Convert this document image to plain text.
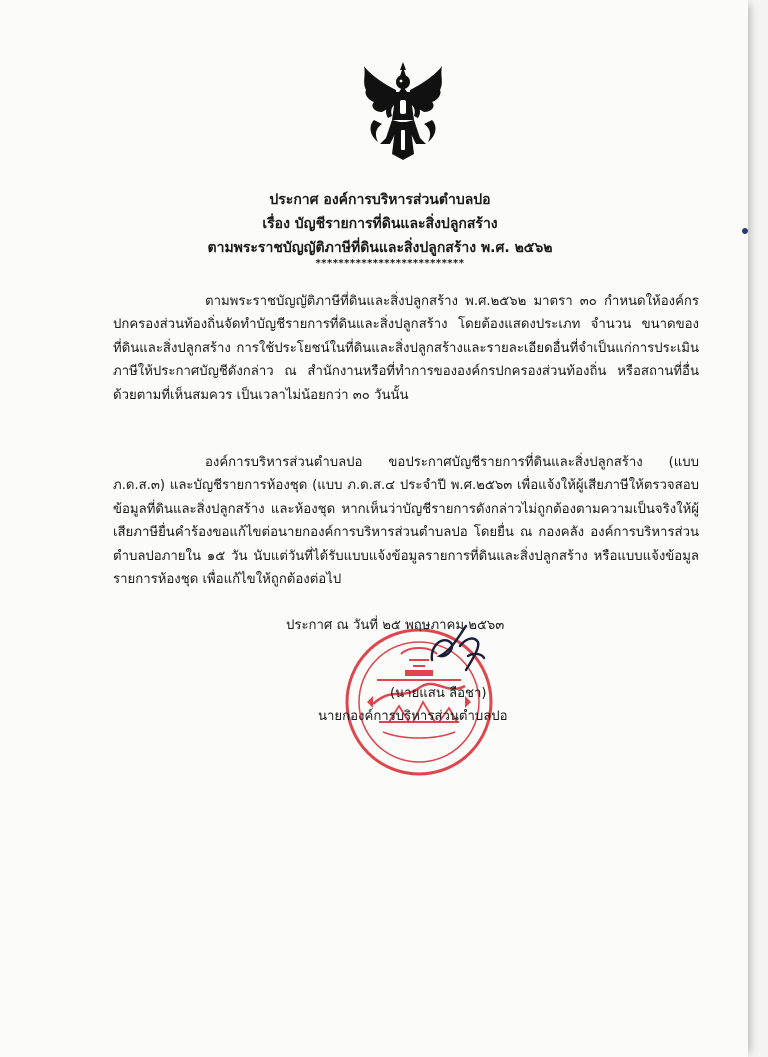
ประกาศ องค์การบริหารส่วนตำบลปอ
เรื่อง บัญชีรายการที่ดินและสิ่งปลูกสร้าง
ตามพระราชบัญญัติภาษีที่ดินและสิ่งปลูกสร้าง พ.ศ. ๒๕๖๒
**************************
ตามพระราชบัญญัติภาษีที่ดินและสิ่งปลูกสร้าง พ.ศ.๒๕๖๒ มาตรา ๓๐ กำหนดให้องค์กรปกครองส่วนท้องถิ่นจัดทำบัญชีรายการที่ดินและสิ่งปลูกสร้าง โดยต้องแสดงประเภท จำนวน ขนาดของที่ดินและสิ่งปลูกสร้าง การใช้ประโยชน์ในที่ดินและสิ่งปลูกสร้างและรายละเอียดอื่นที่จำเป็นแก่การประเมินภาษีให้ประกาศบัญชีดังกล่าว ณ สำนักงานหรือที่ทำการขององค์กรปกครองส่วนท้องถิ่น หรือสถานที่อื่นด้วยตามที่เห็นสมควร เป็นเวลาไม่น้อยกว่า ๓๐ วันนั้น
องค์การบริหารส่วนตำบลปอ ขอประกาศบัญชีรายการที่ดินและสิ่งปลูกสร้าง (แบบ ภ.ด.ส.๓) และบัญชีรายการห้องชุด (แบบ ภ.ด.ส.๔ ประจำปี พ.ศ.๒๕๖๓ เพื่อแจ้งให้ผู้เสียภาษีให้ตรวจสอบข้อมูลที่ดินและสิ่งปลูกสร้าง และห้องชุด หากเห็นว่าบัญชีรายการดังกล่าวไม่ถูกต้องตามความเป็นจริงให้ผู้เสียภาษียื่นคำร้องขอแก้ไขต่อนายกองค์การบริหารส่วนตำบลปอ โดยยื่น ณ กองคลัง องค์การบริหารส่วนตำบลปอภายใน ๑๕ วัน นับแต่วันที่ได้รับแบบแจ้งข้อมูลรายการที่ดินและสิ่งปลูกสร้าง หรือแบบแจ้งข้อมูลรายการห้องชุด เพื่อแก้ไขให้ถูกต้องต่อไป
ประกาศ ณ วันที่ ๒๕ พฤษภาคม ๒๕๖๓
(นายแสน ลือชา)
นายกองค์การบริหารส่วนตำบลปอ
